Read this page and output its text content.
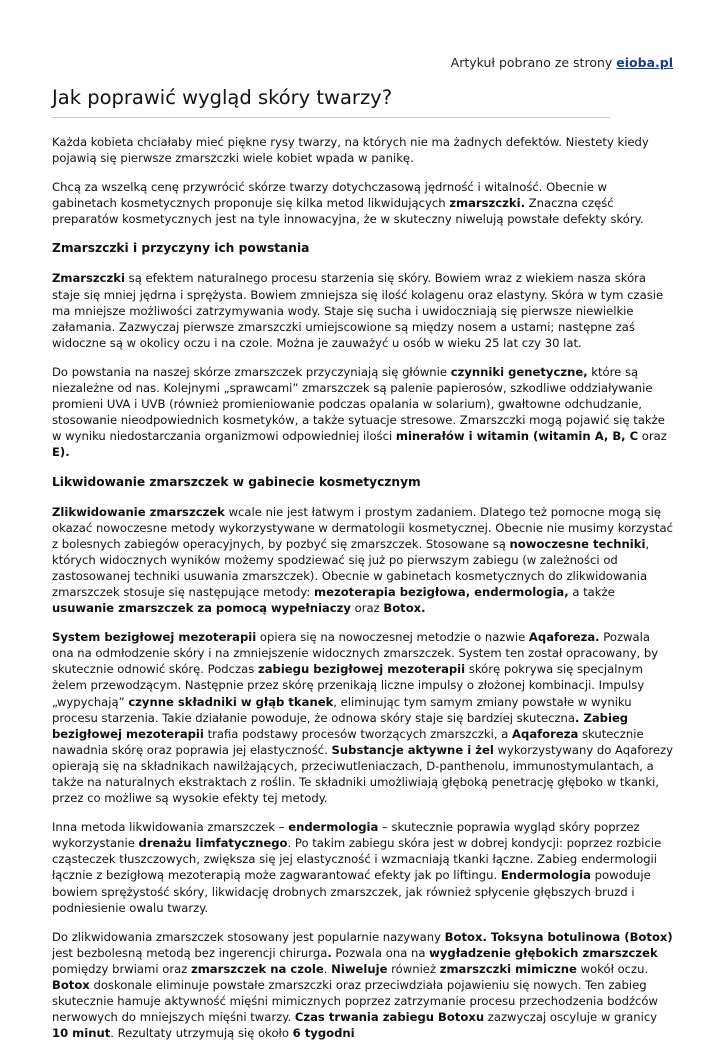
Artykuł pobrano ze strony eioba.pl
Jak poprawić wygląd skóry twarzy?

Każda kobieta chciałaby mieć piękne rysy twarzy, na których nie ma żadnych defektów. Niestety kiedy pojawią się pierwsze zmarszczki wiele kobiet wpada w panikę.

Chcą za wszelką cenę przywrócić skórze twarzy dotychczasową jędrność i witalność. Obecnie w gabinetach kosmetycznych proponuje się kilka metod likwidujących zmarszczki. Znaczna część preparatów kosmetycznych jest na tyle innowacyjna, że w skuteczny niwelują powstałe defekty skóry.

Zmarszczki i przyczyny ich powstania

Zmarszczki są efektem naturalnego procesu starzenia się skóry. Bowiem wraz z wiekiem nasza skóra staje się mniej jędrna i sprężysta. Bowiem zmniejsza się ilość kolagenu oraz elastyny. Skóra w tym czasie ma mniejsze możliwości zatrzymywania wody. Staje się sucha i uwidoczniają się pierwsze niewielkie załamania. Zazwyczaj pierwsze zmarszczki umiejscowione są między nosem a ustami; następne zaś widoczne są w okolicy oczu i na czole. Można je zauważyć u osób w wieku 25 lat czy 30 lat.

Do powstania na naszej skórze zmarszczek przyczyniają się głównie czynniki genetyczne, które są niezależne od nas. Kolejnymi „sprawcami” zmarszczek są palenie papierosów, szkodliwe oddziaływanie promieni UVA i UVB (również promieniowanie podczas opalania w solarium), gwałtowne odchudzanie, stosowanie nieodpowiednich kosmetyków, a także sytuacje stresowe. Zmarszczki mogą pojawić się także w wyniku niedostarczania organizmowi odpowiedniej ilości minerałów i witamin (witamin A, B, C oraz E).

Likwidowanie zmarszczek w gabinecie kosmetycznym

Zlikwidowanie zmarszczek wcale nie jest łatwym i prostym zadaniem. Dlatego też pomocne mogą się okazać nowoczesne metody wykorzystywane w dermatologii kosmetycznej. Obecnie nie musimy korzystać z bolesnych zabiegów operacyjnych, by pozbyć się zmarszczek. Stosowane są nowoczesne techniki, których widocznych wyników możemy spodziewać się już po pierwszym zabiegu (w zależności od zastosowanej techniki usuwania zmarszczek). Obecnie w gabinetach kosmetycznych do zlikwidowania zmarszczek stosuje się następujące metody: mezoterapia bezigłowa, endermologia, a także usuwanie zmarszczek za pomocą wypełniaczy oraz Botox.

System bezigłowej mezoterapii opiera się na nowoczesnej metodzie o nazwie Aqaforeza. Pozwala ona na odmłodzenie skóry i na zmniejszenie widocznych zmarszczek. System ten został opracowany, by skutecznie odnowić skórę. Podczas zabiegu bezigłowej mezoterapii skórę pokrywa się specjalnym żelem przewodzącym. Następnie przez skórę przenikają liczne impulsy o złożonej kombinacji. Impulsy „wypychają” czynne składniki w głąb tkanek, eliminując tym samym zmiany powstałe w wyniku procesu starzenia. Takie działanie powoduje, że odnowa skóry staje się bardziej skuteczna. Zabieg bezigłowej mezoterapii trafia podstawy procesów tworzących zmarszczki, a Aqaforeza skutecznie nawadnia skórę oraz poprawia jej elastyczność. Substancje aktywne i żel wykorzystywany do Aqaforezy opierają się na składnikach nawilżających, przeciwutleniaczach, D-panthenolu, immunostymulantach, a także na naturalnych ekstraktach z roślin. Te składniki umożliwiają głęboką penetrację głęboko w tkanki, przez co możliwe są wysokie efekty tej metody.

Inna metoda likwidowania zmarszczek – endermologia – skutecznie poprawia wygląd skóry poprzez wykorzystanie drenażu limfatycznego. Po takim zabiegu skóra jest w dobrej kondycji: poprzez rozbicie cząsteczek tłuszczowych, zwiększa się jej elastyczność i wzmacniają tkanki łączne. Zabieg endermologii łącznie z bezigłową mezoterapią może zagwarantować efekty jak po liftingu. Endermologia powoduje bowiem sprężystość skóry, likwidację drobnych zmarszczek, jak również spłycenie głębszych bruzd i podniesienie owalu twarzy.

Do zlikwidowania zmarszczek stosowany jest popularnie nazywany Botox. Toksyna botulinowa (Botox) jest bezbolesną metodą bez ingerencji chirurga. Pozwala ona na wygładzenie głębokich zmarszczek pomiędzy brwiami oraz zmarszczek na czole. Niweluje również zmarszczki mimiczne wokół oczu. Botox doskonale eliminuje powstałe zmarszczki oraz przeciwdziała pojawieniu się nowych. Ten zabieg skutecznie hamuje aktywność mięśni mimicznych poprzez zatrzymanie procesu przechodzenia bodźców nerwowych do mniejszych mięśni twarzy. Czas trwania zabiegu Botoxu zazwyczaj oscyluje w granicy 10 minut. Rezultaty utrzymują się około 6 tygodni
